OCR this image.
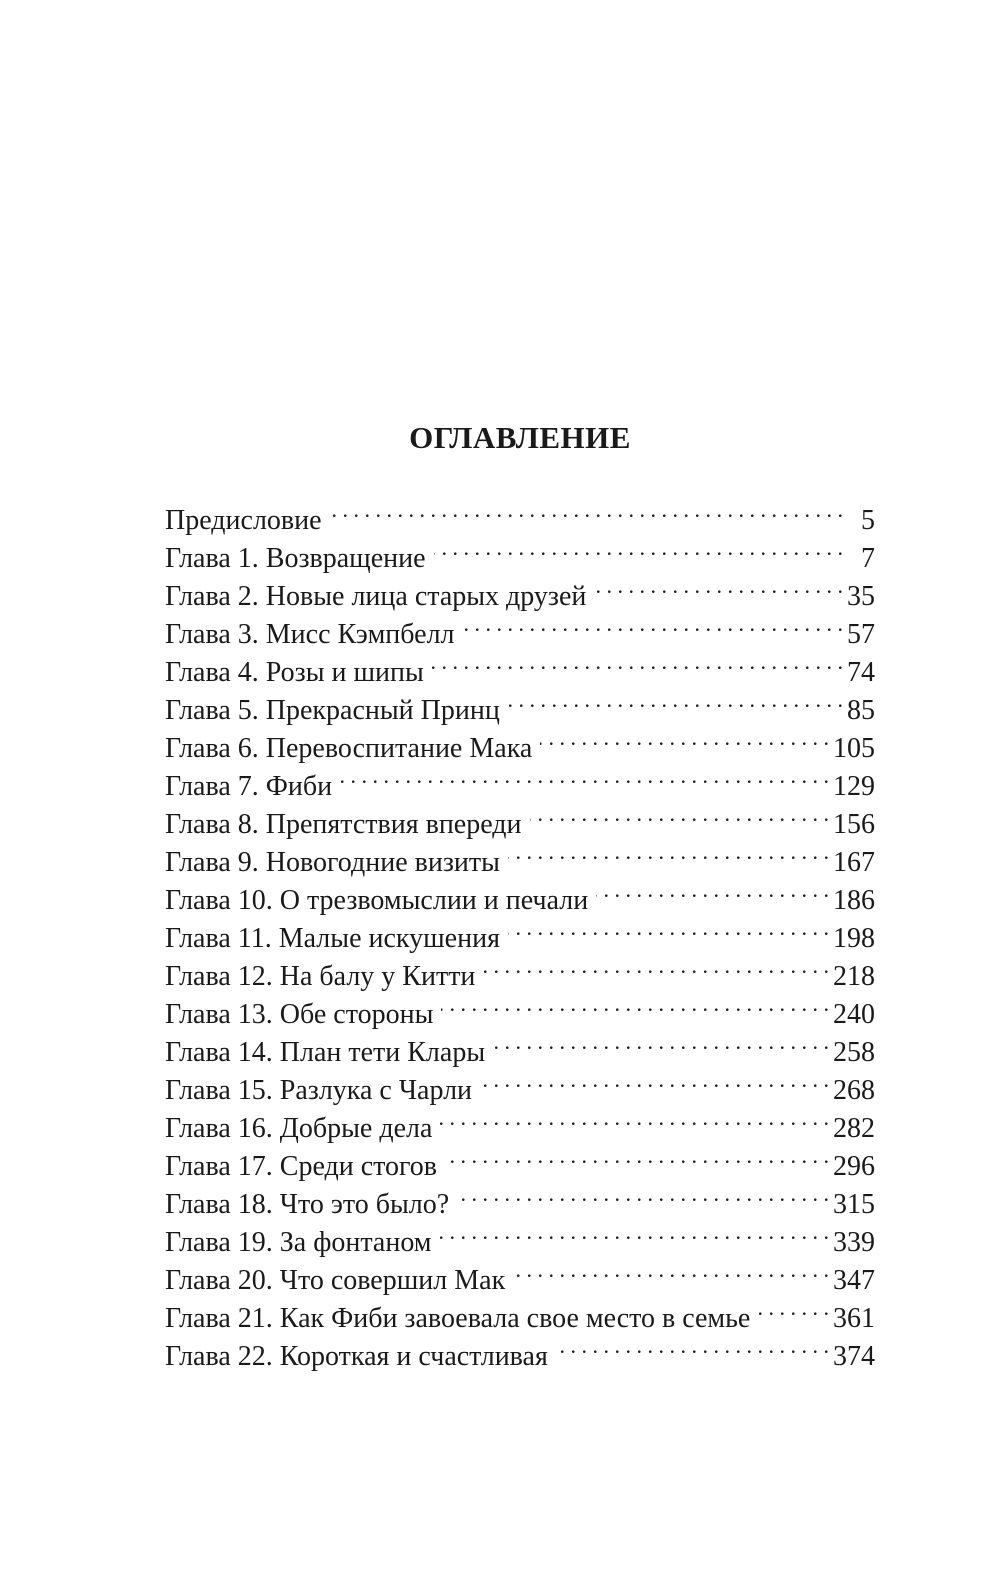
ОГЛАВЛЕНИЕ
Предисловие . . .	5
Глава 1. Возвращение . . .	7
Глава 2. Новые лица старых друзей . . .	35
Глава 3. Мисс Кэмпбелл . . .	57
Глава 4. Розы и шипы . . .	74
Глава 5. Прекрасный Принц . . .	85
Глава 6. Перевоспитание Мака . . .	105
Глава 7. Фиби . . .	129
Глава 8. Препятствия впереди . . .	156
Глава 9. Новогодние визиты . . .	167
Глава 10. О трезвомыслии и печали . . .	186
Глава 11. Малые искушения . . .	198
Глава 12. На балу у Китти . . .	218
Глава 13. Обе стороны . . .	240
Глава 14. План тети Клары . . .	258
Глава 15. Разлука с Чарли . . .	268
Глава 16. Добрые дела . . .	282
Глава 17. Среди стогов . . .	296
Глава 18. Что это было? . . .	315
Глава 19. За фонтаном . . .	339
Глава 20. Что совершил Мак . . .	347
Глава 21. Как Фиби завоевала свое место в семье . . .	361
Глава 22. Короткая и счастливая . . .	374
